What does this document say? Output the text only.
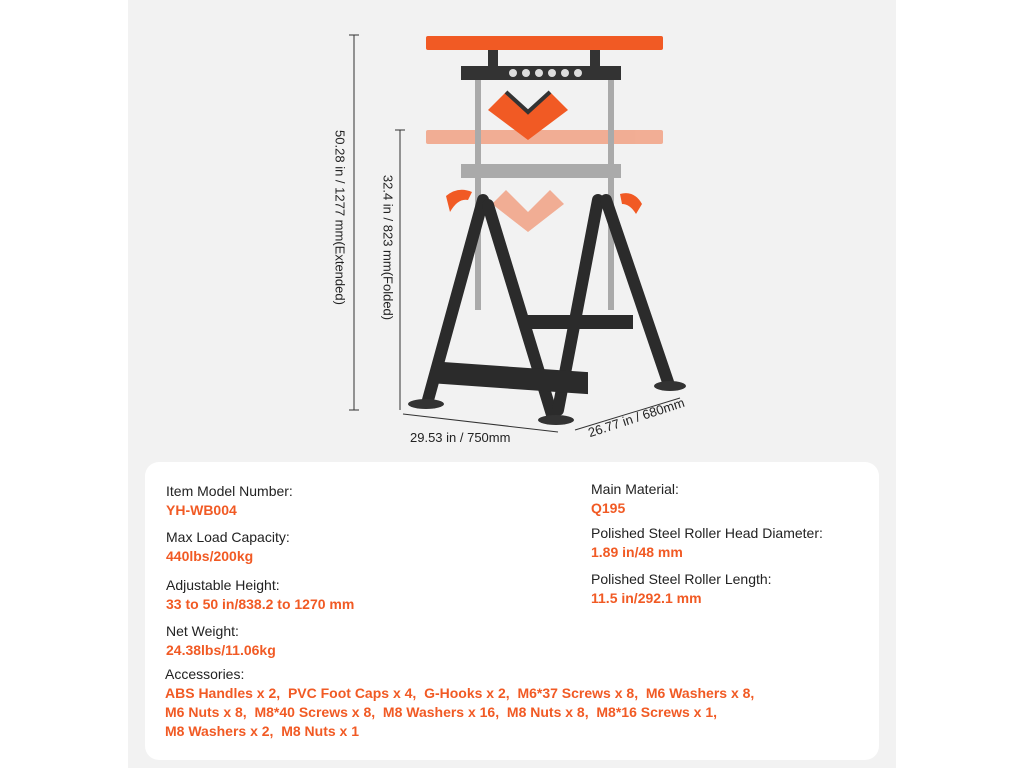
50.28 in / 1277 mm(Extended)	32.4 in / 823 mm(Folded)
29.53 in / 750mm	26.77 in / 680mm
Item Model Number:
YH-WB004
Max Load Capacity:
440lbs/200kg
Adjustable Height:
33 to 50 in/838.2 to 1270 mm
Net Weight:
24.38lbs/11.06kg
Main Material:
Q195
Polished Steel Roller Head Diameter:
1.89 in/48 mm
Polished Steel Roller Length:
11.5 in/292.1 mm
Accessories:
ABS Handles x 2, PVC Foot Caps x 4, G-Hooks x 2, M6*37 Screws x 8, M6 Washers x 8,
M6 Nuts x 8, M8*40 Screws x 8, M8 Washers x 16, M8 Nuts x 8, M8*16 Screws x 1,
M8 Washers x 2, M8 Nuts x 1
